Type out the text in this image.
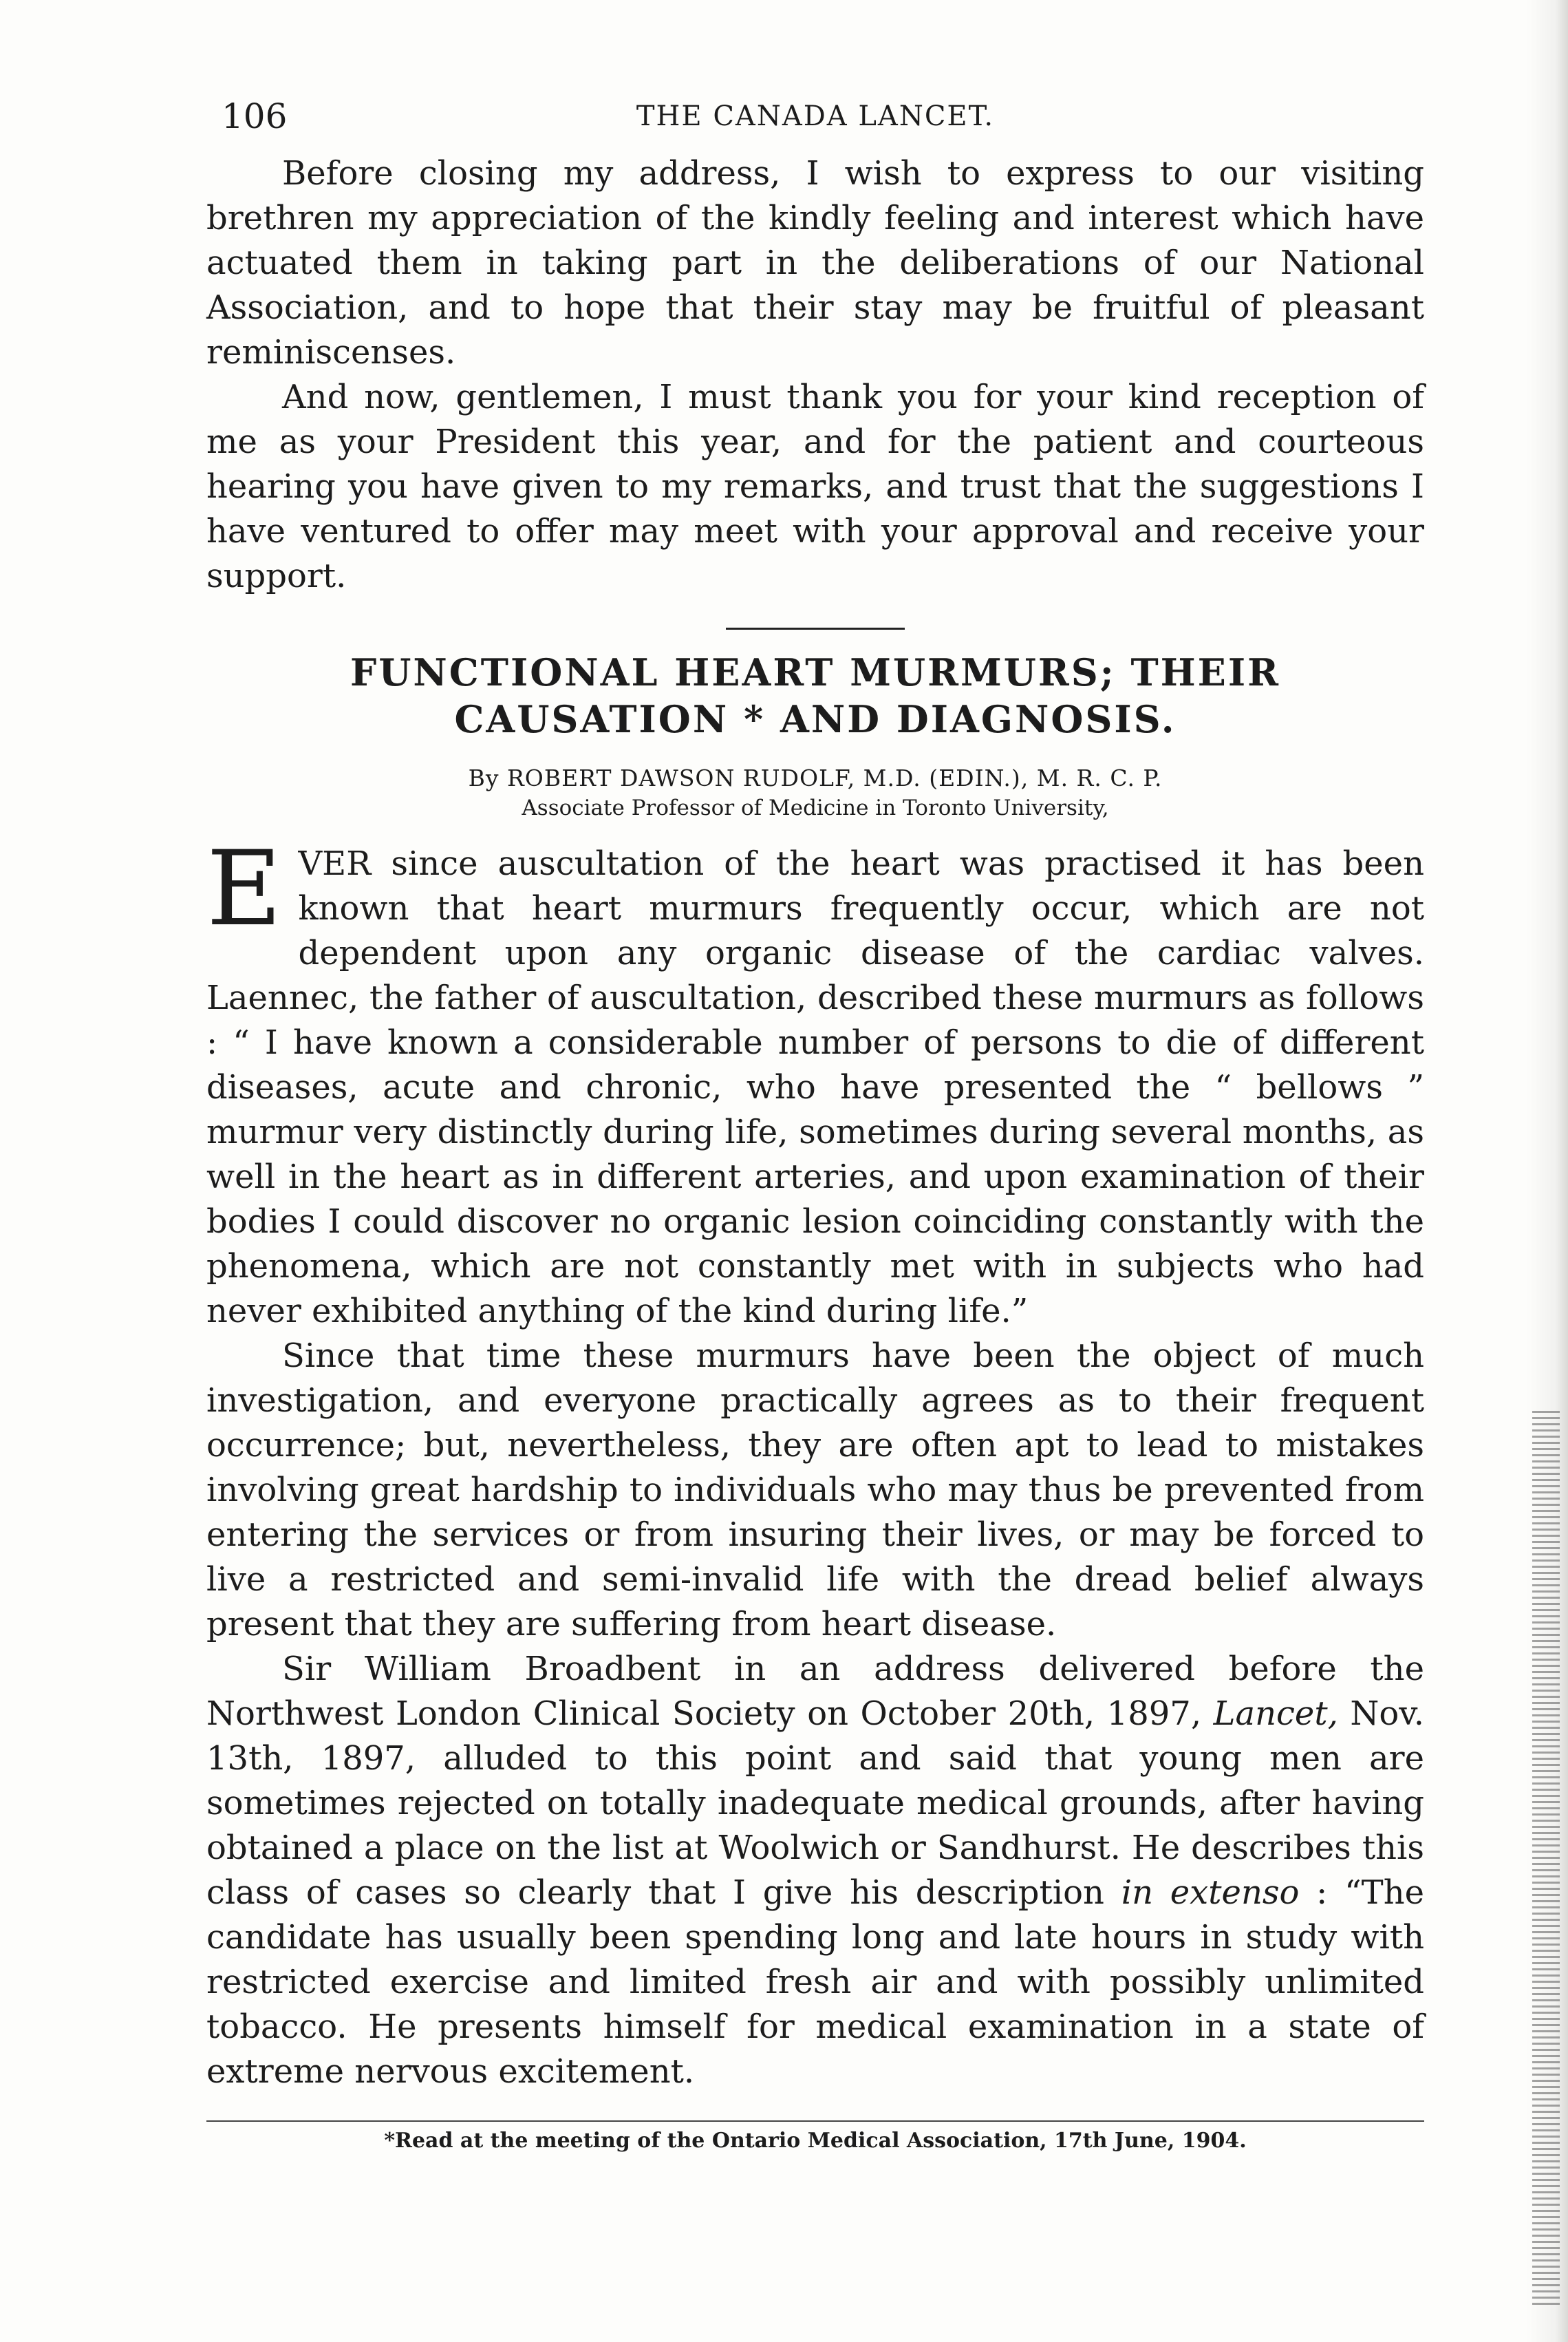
106	THE CANADA LANCET.

Before closing my address, I wish to express to our visiting brethren my appreciation of the kindly feeling and interest which have actuated them in taking part in the deliberations of our National Association, and to hope that their stay may be fruitful of pleasant reminiscenses.

And now, gentlemen, I must thank you for your kind reception of me as your President this year, and for the patient and courteous hearing you have given to my remarks, and trust that the suggestions I have ventured to offer may meet with your approval and receive your support.

FUNCTIONAL HEART MURMURS; THEIR CAUSATION * AND DIAGNOSIS.
By ROBERT DAWSON RUDOLF, M.D. (EDIN.), M. R. C. P.
Associate Professor of Medicine in Toronto University,

E VER since auscultation of the heart was practised it has been known that heart murmurs frequently occur, which are not dependent upon any organic disease of the cardiac valves. Laennec, the father of auscultation, described these murmurs as follows : “ I have known a considerable number of persons to die of different diseases, acute and chronic, who have presented the “ bellows ” murmur very distinctly during life, sometimes during several months, as well in the heart as in different arteries, and upon examination of their bodies I could discover no organic lesion coinciding constantly with the phenomena, which are not constantly met with in subjects who had never exhibited anything of the kind during life.”

Since that time these murmurs have been the object of much investigation, and everyone practically agrees as to their frequent occurrence; but, nevertheless, they are often apt to lead to mistakes involving great hardship to individuals who may thus be prevented from entering the services or from insuring their lives, or may be forced to live a restricted and semi-invalid life with the dread belief always present that they are suffering from heart disease.

Sir William Broadbent in an address delivered before the Northwest London Clinical Society on October 20th, 1897, Lancet, Nov. 13th, 1897, alluded to this point and said that young men are sometimes rejected on totally inadequate medical grounds, after having obtained a place on the list at Woolwich or Sandhurst. He describes this class of cases so clearly that I give his description in extenso : “The candidate has usually been spending long and late hours in study with restricted exercise and limited fresh air and with possibly unlimited tobacco. He presents himself for medical examination in a state of extreme nervous excitement.

*Read at the meeting of the Ontario Medical Association, 17th June, 1904.
